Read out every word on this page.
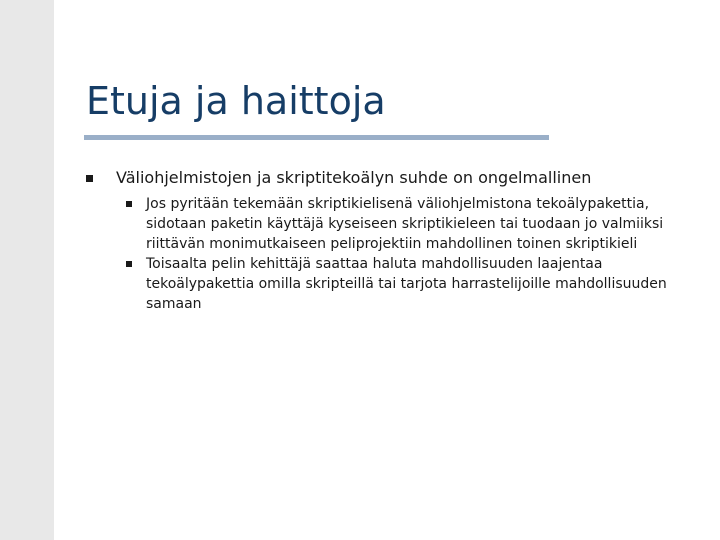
Etuja ja haittoja
Väliohjelmistojen ja skriptitekoälyn suhde on ongelmallinen
Jos pyritään tekemään skriptikielisenä väliohjelmistona tekoälypakettia, sidotaan paketin käyttäjä kyseiseen skriptikieleen tai tuodaan jo valmiiksi riittävän monimutkaiseen peliprojektiin mahdollinen toinen skriptikieli
Toisaalta pelin kehittäjä saattaa haluta mahdollisuuden laajentaa tekoälypakettia omilla skripteillä tai tarjota harrastelijoille mahdollisuuden samaan
